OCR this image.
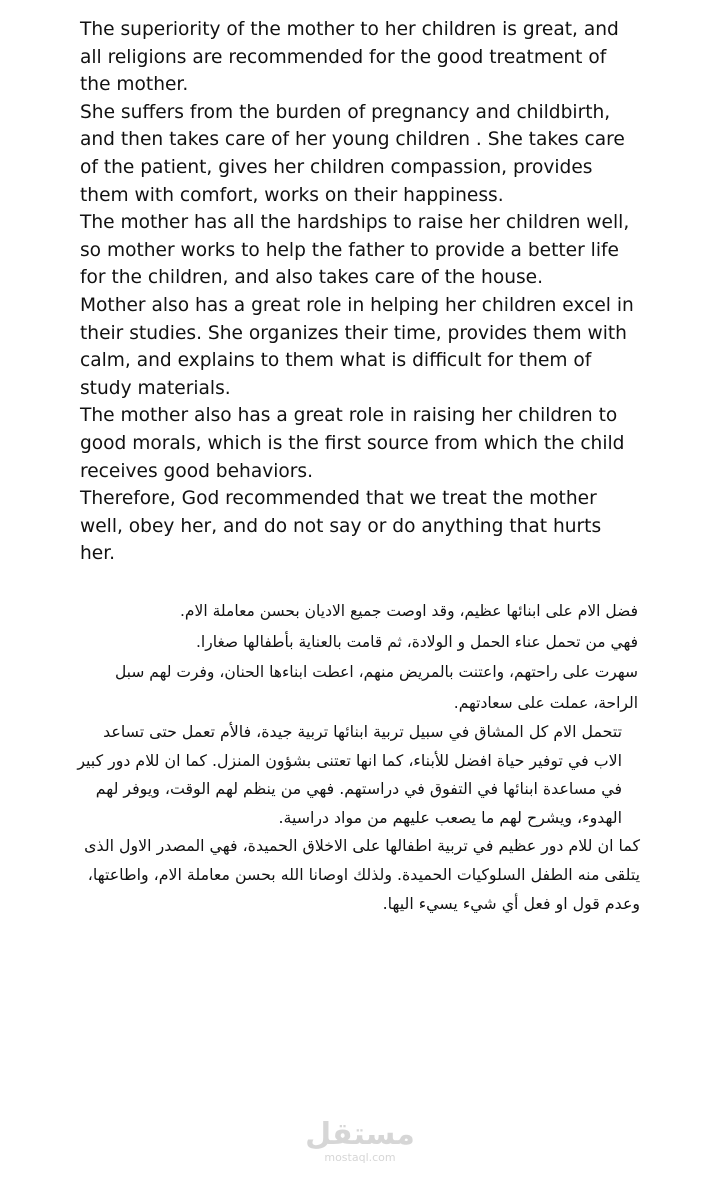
The superiority of the mother to her children is great, and all religions are recommended for the good treatment of the mother.

She suffers from the burden of pregnancy and childbirth, and then takes care of her young children . She takes care of the patient, gives her children compassion, provides them with comfort, works on their happiness.

The mother has all the hardships to raise her children well, so mother works to help the father to provide a better life for the children, and also takes care of the house.

Mother also has a great role in helping her children excel in their studies. She organizes their time, provides them with calm, and explains to them what is difficult for them of study materials.

The mother also has a great role in raising her children to good morals, which is the first source from which the child receives good behaviors.

Therefore, God recommended that we treat the mother well, obey her, and do not say or do anything that hurts her.

فضل الام على ابنائها عظيم، وقد اوصت جميع الاديان بحسن معاملة الام.

فهي من تحمل عناء الحمل و الولادة، ثم قامت بالعناية بأطفالها صغارا.

سهرت على راحتهم، واعتنت بالمريض منهم، اعطت ابناءها الحنان، وفرت لهم سبل الراحة، عملت على سعادتهم.

تتحمل الام كل المشاق في سبيل تربية ابنائها تربية جيدة، فالأم تعمل حتى تساعد الاب في توفير حياة افضل للأبناء، كما انها تعتنى بشؤون المنزل. كما ان للام دور كبير في مساعدة ابنائها في التفوق في دراستهم. فهي من ينظم لهم الوقت، ويوفر لهم الهدوء، ويشرح لهم ما يصعب عليهم من مواد دراسية.

كما ان للام دور عظيم في تربية اطفالها على الاخلاق الحميدة، فهي المصدر الاول الذى يتلقى منه الطفل السلوكيات الحميدة. ولذلك اوصانا الله بحسن معاملة الام، واطاعتها، وعدم قول او فعل أي شيء يسيء اليها.

مستقل
mostaql.com
